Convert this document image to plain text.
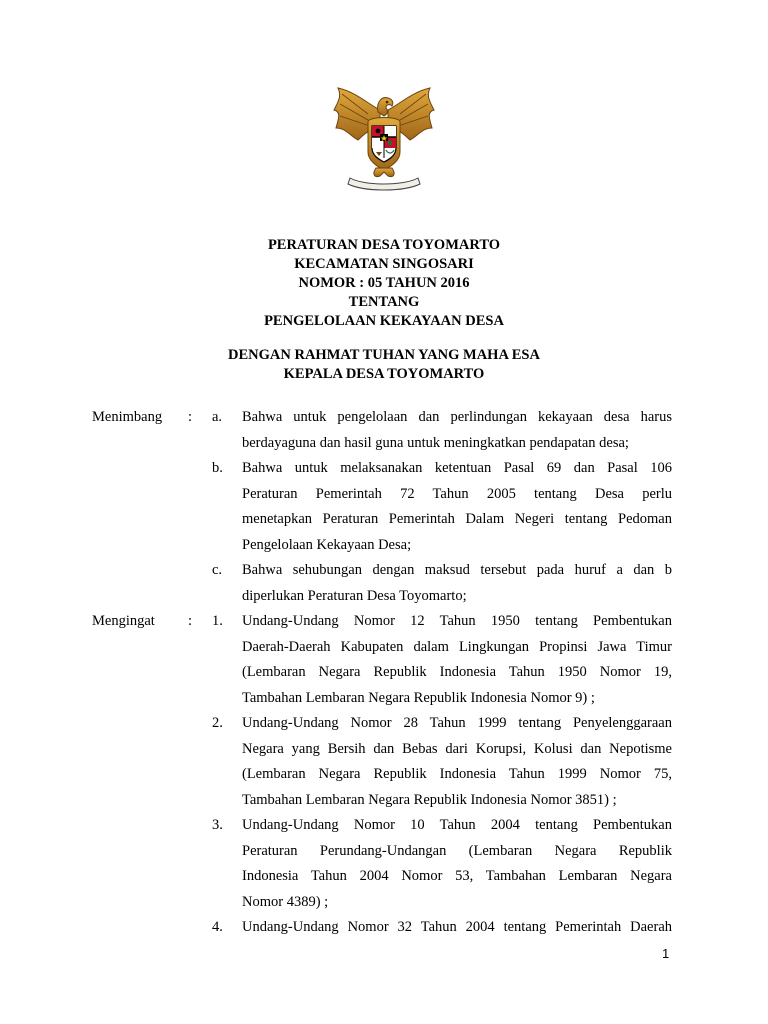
PERATURAN DESA TOYOMARTO
KECAMATAN SINGOSARI
NOMOR : 05 TAHUN 2016
TENTANG
PENGELOLAAN KEKAYAAN DESA
DENGAN RAHMAT TUHAN YANG MAHA ESA
KEPALA DESA TOYOMARTO
Menimbang : a. Bahwa untuk pengelolaan dan perlindungan kekayaan desa harus
berdayaguna dan hasil guna untuk meningkatkan pendapatan desa;
b. Bahwa untuk melaksanakan ketentuan Pasal 69 dan Pasal 106
Peraturan Pemerintah 72 Tahun 2005 tentang Desa perlu
menetapkan Peraturan Pemerintah Dalam Negeri tentang Pedoman
Pengelolaan Kekayaan Desa;
c. Bahwa sehubungan dengan maksud tersebut pada huruf a dan b
diperlukan Peraturan Desa Toyomarto;
Mengingat : 1. Undang-Undang Nomor 12 Tahun 1950 tentang Pembentukan
Daerah-Daerah Kabupaten dalam Lingkungan Propinsi Jawa Timur
(Lembaran Negara Republik Indonesia Tahun 1950 Nomor 19,
Tambahan Lembaran Negara Republik Indonesia Nomor 9) ;
2. Undang-Undang Nomor 28 Tahun 1999 tentang Penyelenggaraan
Negara yang Bersih dan Bebas dari Korupsi, Kolusi dan Nepotisme
(Lembaran Negara Republik Indonesia Tahun 1999 Nomor 75,
Tambahan Lembaran Negara Republik Indonesia Nomor 3851) ;
3. Undang-Undang Nomor 10 Tahun 2004 tentang Pembentukan
Peraturan Perundang-Undangan (Lembaran Negara Republik
Indonesia Tahun 2004 Nomor 53, Tambahan Lembaran Negara
Nomor 4389) ;
4. Undang-Undang Nomor 32 Tahun 2004 tentang Pemerintah Daerah
1
